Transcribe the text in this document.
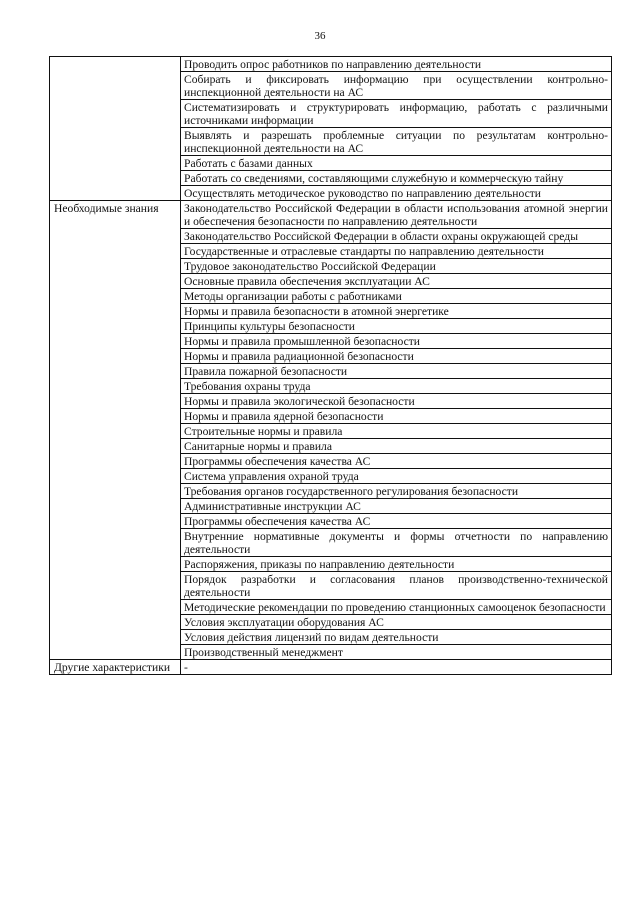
36
	Проводить опрос работников по направлению деятельности
	Собирать и фиксировать информацию при осуществлении контрольно-инспекционной деятельности на АС
	Систематизировать и структурировать информацию, работать с различными источниками информации
	Выявлять и разрешать проблемные ситуации по результатам контрольно-инспекционной деятельности на АС
	Работать с базами данных
	Работать со сведениями, составляющими служебную и коммерческую тайну
	Осуществлять методическое руководство по направлению деятельности
Необходимые знания	Законодательство Российской Федерации в области использования атомной энергии и обеспечения безопасности по направлению деятельности
	Законодательство Российской Федерации в области охраны окружающей среды
	Государственные и отраслевые стандарты по направлению деятельности
	Трудовое законодательство Российской Федерации
	Основные правила обеспечения эксплуатации АС
	Методы организации работы с работниками
	Нормы и правила безопасности в атомной энергетике
	Принципы культуры безопасности
	Нормы и правила промышленной безопасности
	Нормы и правила радиационной безопасности
	Правила пожарной безопасности
	Требования охраны труда
	Нормы и правила экологической безопасности
	Нормы и правила ядерной безопасности
	Строительные нормы и правила
	Санитарные нормы и правила
	Программы обеспечения качества АС
	Система управления охраной труда
	Требования органов государственного регулирования безопасности
	Административные инструкции АС
	Программы обеспечения качества АС
	Внутренние нормативные документы и формы отчетности по направлению деятельности
	Распоряжения, приказы по направлению деятельности
	Порядок разработки и согласования планов производственно-технической деятельности
	Методические рекомендации по проведению станционных самооценок безопасности
	Условия эксплуатации оборудования АС
	Условия действия лицензий по видам деятельности
	Производственный менеджмент
Другие характеристики	-
